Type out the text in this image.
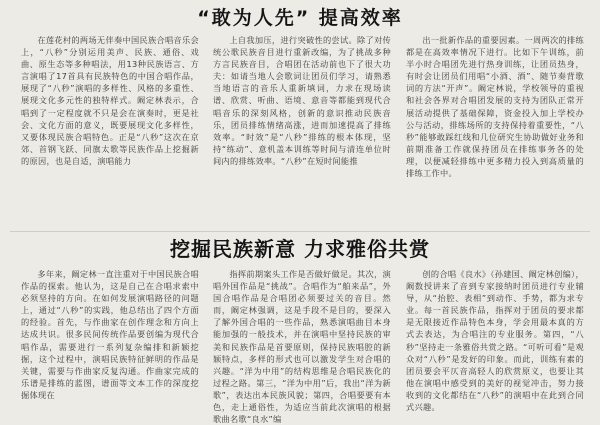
“敢为人先” 提高效率

在莲花村的两场无伴奏中国民族合唱音乐会上，“八秒”分别运用美声、民族、通俗、戏曲、原生态等多种唱法，用13种民族语言、方言演唱了17首具有民族特色的中国合唱作品，展现了“八秒”演唱的多样性、风格的多重性、展现文化多元性的独特样式。阚定林表示，合唱到了一定程度就不只是会在演奏时，更是社会、文化方面的意义，既要展现文化多样性，又要体现民族合唱特色。正是“八秒”这次在京郊、首钢飞跃、同旗太歌等民族作品上挖掘新的原因，也是自适，演唱能力

上自我加压，进行突破性的尝试。除了对传统公歌民族音目进行重新改编，为了挑战多种方言民族音目，合唱团在活动前也下了很大功夫：如请当地人会歌词让团员们学习，请熟悉当地语言的音乐人重新填词，力求在现场读谱、欣赏、听曲、语境、意音等都能到现代合唱音乐的深刻风格，创新的意识推动民族音乐，团员排练情绪高涨，进而加速提高了排练效率。“时效”是“八秒”排练的根本体现，坚持“练动”、意机盖本训练等时间与清连单位时间内的排练效率。“八秒”在短时间能推

出一批新作品的重要因素。一周两次的排练都是在高效率情况下进行。比如下午训练，前半小时合唱团先进行热身训练，让团员热身，有时会让团员们用唱“小酒、酒”、随节奏背歌词的方法“开声”。阚定林说，学校领导的重视和社会各界对合唱团发展的支持为团队正常开展活动提供了基础保障，资金投入加上学校办公与活动，排练场所的支持保持着重要性，“八秒”能够敢踩红线和几位研究生协助做好业务和前期准备工作就保持团员在排练事务各的处理，以便减轻排练中更多精力投入到高质量的排练工作中。

挖掘民族新意 力求雅俗共赏

多年来，阚定林一直注重对于中国民族合唱作品的探索。他认为，这是自己在合唱求索中必须坚持的方向。在如何发展演唱路径的问题上，通过“八秒”的实践，他总结出了四个方面的经验。首先，与作曲家在创作理念和方向上达成共识。很多民间传统作品要创编为现代合唱作品，需要进行一系列复杂编排和新颖挖掘，这个过程中，演唱民族特征鲜明的作品是关键，需要与作曲家反复沟通。作曲家完成的乐谱是排练的蓝图，谱面等文本工作的深度挖掘体现在

指挥前期案头工作是否做好做足。其次，演唱外国作品是“挑战”。合唱作为“舶来品”，外国合唱作品是合唱团必须要过关的音目。然而，阚定林强调，这是手段不是目的，要深入了解外国合唱的一些作品，熟悉演唱曲目本身能加强的一般技术，并在演唱中坚持民族的审美和民族作品是首要原则，保持民族唱腔的新颖特点，多样的形式也可以激发学生对合唱的兴趣。“洋为中用”的结构思维是合唱民族化的过程之路。第三，“洋为中用”后，我出“洋为新歌”，表达出本民族风貌；第四，合唱要要有本色，走上通俗性，为适应当前此次演唱的根据歌曲名歌“良水”编

创的合唱《良水》（孙建国、阚定林创编），阚数授讲来了音到专家接纳时团员进行专业辅导，从“抬腔、表相”到动作、手势，都为求专业。每一首民族作品，指挥对于团员的要求都是无限接近作品特色本身，学会用最本真的方式去表达，为合唱注的专业服务。第四，“八秒”坚持走一条雅俗共赏之路。“可听可看”是观众对“八秒”是发好的印象。而此，训练有素的团员要会平仄音高轻人的欣赏原义，也要让其他在演唱中感受到的美好的视觉冲击，努力接收到的文化都结在“八秒”的演唱中在此到合同式兴趣。
